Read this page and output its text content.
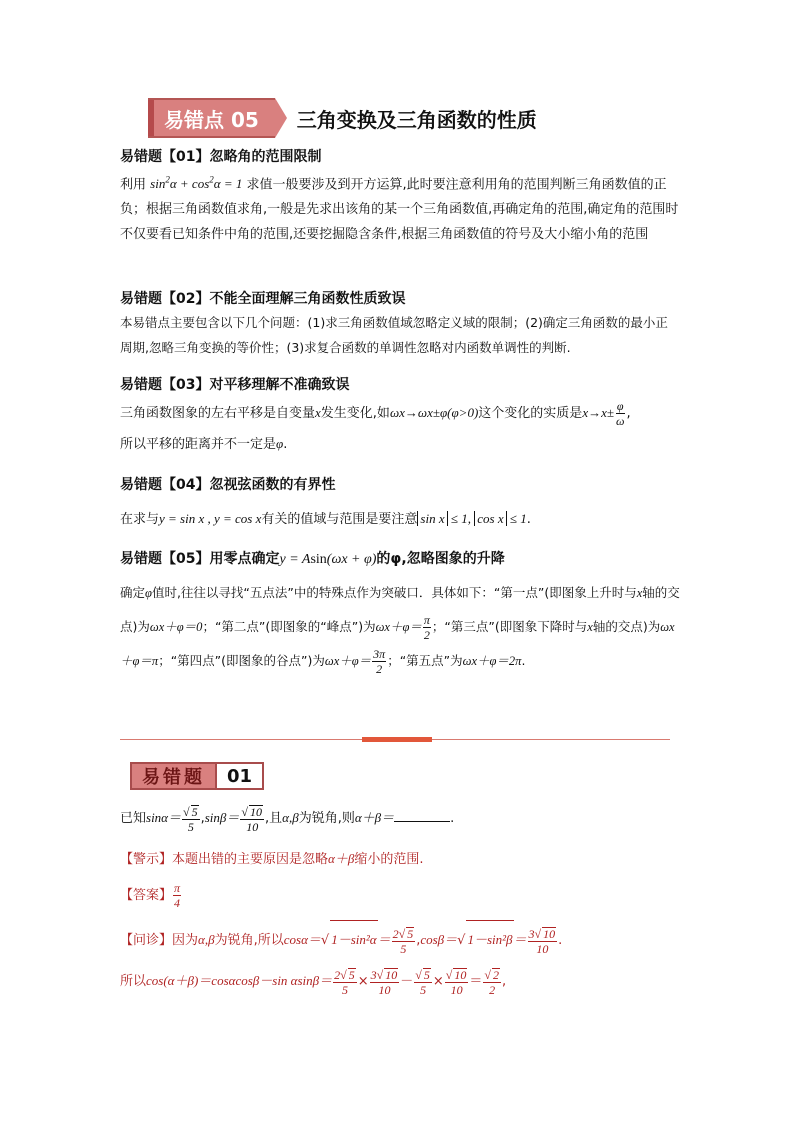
易错点 05	三角变换及三角函数的性质
易错题【01】忽略角的范围限制
利用 $\sin^2\alpha + \cos^2\alpha = 1$ 求值一般要涉及到开方运算,此时要注意利用角的范围判断三角函数值的正负；根据三角函数值求角,一般是先求出该角的某一个三角函数值,再确定角的范围,确定角的范围时不仅要看已知条件中角的范围,还要挖掘隐含条件,根据三角函数值的符号及大小缩小角的范围
易错题【02】不能全面理解三角函数性质致误
本易错点主要包含以下几个问题：(1)求三角函数值域忽略定义域的限制；(2)确定三角函数的最小正周期,忽略三角变换的等价性；(3)求复合函数的单调性忽略对内函数单调性的判断.
易错题【03】对平移理解不准确致误
三角函数图象的左右平移是自变量x发生变化,如ωx→ωx±φ(φ>0)这个变化的实质是$x\to x\pm \frac{\varphi}{\omega}$ ,
所以平移的距离并不一定是φ.
易错题【04】忽视弦函数的有界性
在求与y = sin x , y = cos x有关的值域与范围是要注意 sin x ≤ 1, cos x ≤ 1.
易错题【05】用零点确定y = Asin(ωx + φ)的φ,忽略图象的升降
确定φ值时,往往以寻找“五点法”中的特殊点作为突破口．具体如下：“第一点”(即图象上升时与x轴的交点)为ωx＋φ＝0；“第二点”(即图象的“峰点”)为$\omega x+\varphi= \frac{\pi}{2}$ ；“第三点”(即图象下降时与x轴的交点)为ωx＋φ＝π；“第四点”(即图象的谷点”)为$\omega x+\varphi= \frac{3\pi}{2}$ ；“第五点”为ωx＋φ＝2π.
易错题	01
已知$\sin\alpha= \frac{√ 5}{5} ,\sin\beta= \frac{√ 10}{10}$ ,且α,β为锐角,则α＋β＝	.
【警示】本题出错的主要原因是忽略α＋β缩小的范围.
【答案】 $\frac{\pi}{4}$
【问诊】因为α,β为锐角,所以cosα＝√ $1-\sin^2\alpha= \frac{2√ 5}{5} ,\cos\beta=√$ $1-\sin^2\beta= \frac{3√ 10}{10}$ .
所以cos(α＋β)＝cosαcosβ－sin $\alpha\sin\beta= \frac{2√ 5}{5} \times \frac{3√ 10}{10} - \frac{√ 5}{5} \times \frac{√ 10}{10} = \frac{√ 2}{2}$ ,
